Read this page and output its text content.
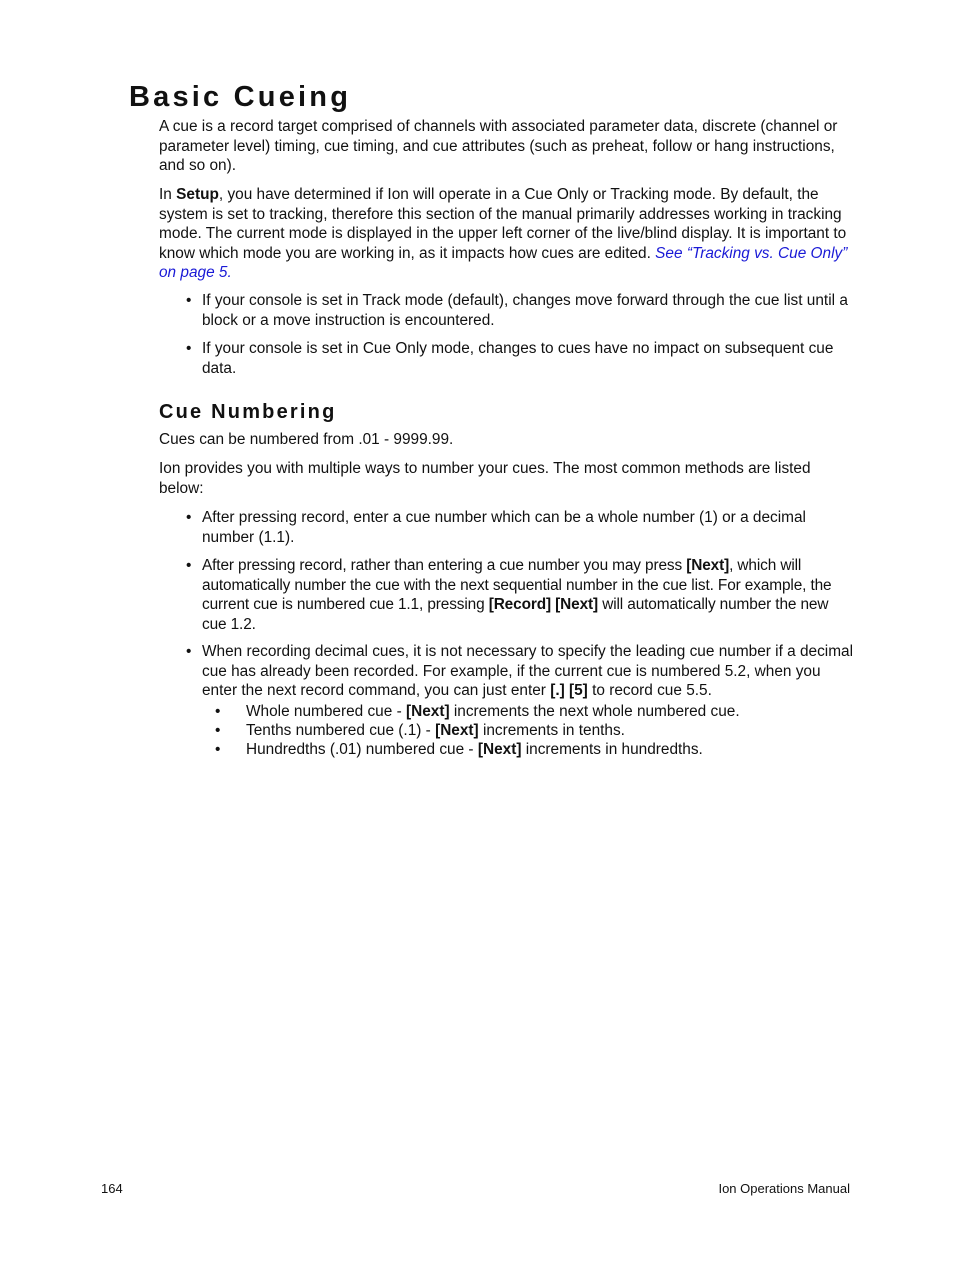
Basic Cueing

A cue is a record target comprised of channels with associated parameter data, discrete (channel or parameter level) timing, cue timing, and cue attributes (such as preheat, follow or hang instructions, and so on).

In Setup, you have determined if Ion will operate in a Cue Only or Tracking mode. By default, the system is set to tracking, therefore this section of the manual primarily addresses working in tracking mode. The current mode is displayed in the upper left corner of the live/blind display. It is important to know which mode you are working in, as it impacts how cues are edited. See “Tracking vs. Cue Only” on page 5.

• If your console is set in Track mode (default), changes move forward through the cue list until a block or a move instruction is encountered.

• If your console is set in Cue Only mode, changes to cues have no impact on subsequent cue data.

Cue Numbering

Cues can be numbered from .01 - 9999.99.

Ion provides you with multiple ways to number your cues. The most common methods are listed below:

• After pressing record, enter a cue number which can be a whole number (1) or a decimal number (1.1).

• After pressing record, rather than entering a cue number you may press [Next], which will automatically number the cue with the next sequential number in the cue list. For example, the current cue is numbered cue 1.1, pressing [Record] [Next] will automatically number the new cue 1.2.

• When recording decimal cues, it is not necessary to specify the leading cue number if a decimal cue has already been recorded. For example, if the current cue is numbered 5.2, when you enter the next record command, you can just enter [.] [5] to record cue 5.5.

• Whole numbered cue - [Next] increments the next whole numbered cue.

• Tenths numbered cue (.1) - [Next] increments in tenths.

• Hundredths (.01) numbered cue - [Next] increments in hundredths.

164	Ion Operations Manual
